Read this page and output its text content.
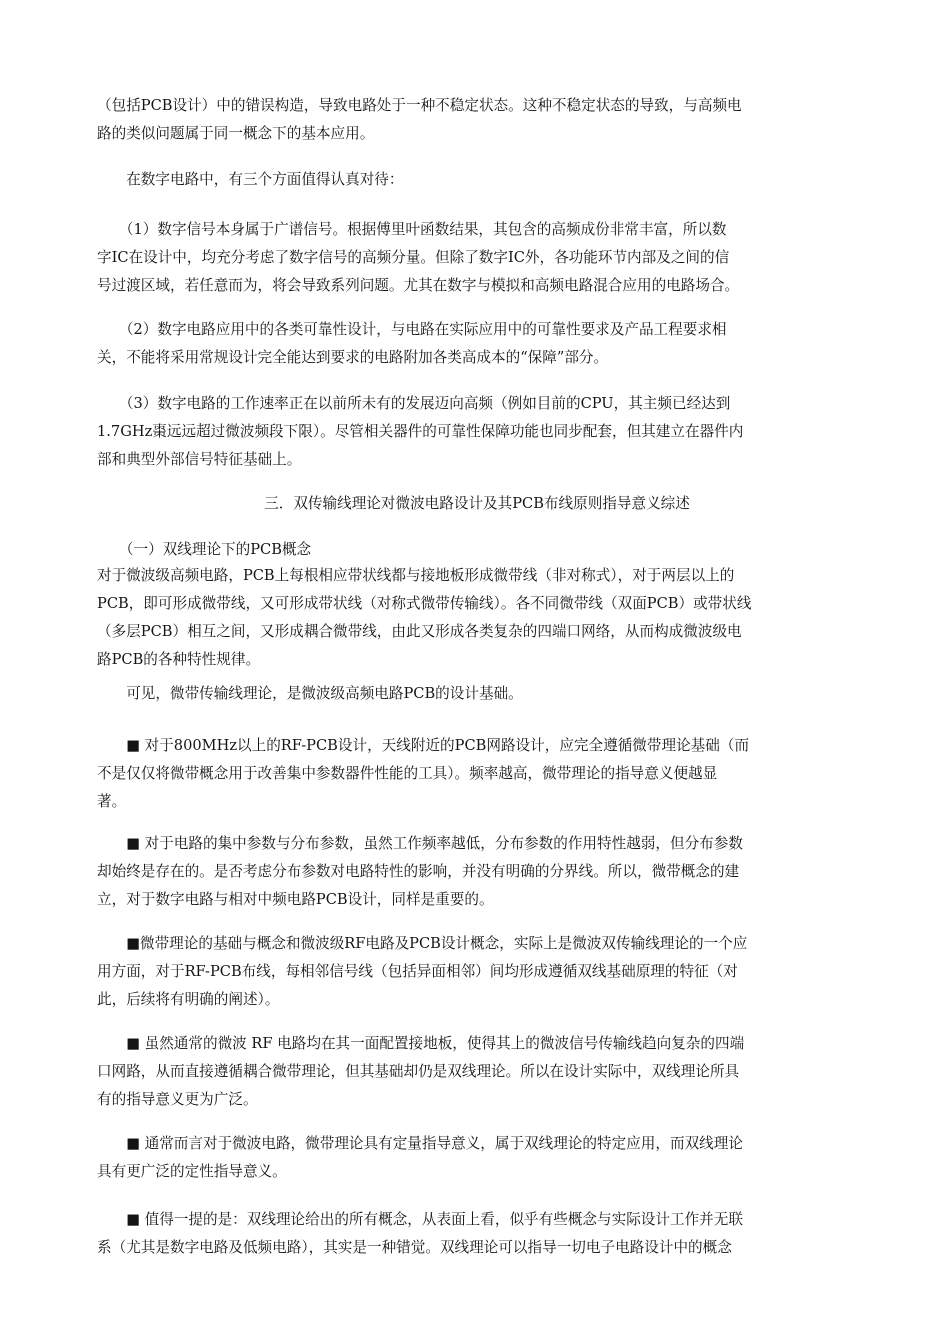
（包括PCB设计）中的错误构造，导致电路处于一种不稳定状态。这种不稳定状态的导致，与高频电
路的类似问题属于同一概念下的基本应用。

　　在数字电路中，有三个方面值得认真对待：

　　（1）数字信号本身属于广谱信号。根据傅里叶函数结果，其包含的高频成份非常丰富，所以数
字IC在设计中，均充分考虑了数字信号的高频分量。但除了数字IC外，各功能环节内部及之间的信
号过渡区域，若任意而为，将会导致系列问题。尤其在数字与模拟和高频电路混合应用的电路场合。

　　（2）数字电路应用中的各类可靠性设计，与电路在实际应用中的可靠性要求及产品工程要求相
关，不能将采用常规设计完全能达到要求的电路附加各类高成本的“保障”部分。

　　（3）数字电路的工作速率正在以前所未有的发展迈向高频（例如目前的CPU，其主频已经达到
1.7GHz棗远远超过微波频段下限）。尽管相关器件的可靠性保障功能也同步配套，但其建立在器件内
部和典型外部信号特征基础上。

三．双传输线理论对微波电路设计及其PCB布线原则指导意义综述

　　（一）双线理论下的PCB概念

对于微波级高频电路，PCB上每根相应带状线都与接地板形成微带线（非对称式），对于两层以上的
PCB，即可形成微带线，又可形成带状线（对称式微带传输线）。各不同微带线（双面PCB）或带状线
（多层PCB）相互之间，又形成耦合微带线，由此又形成各类复杂的四端口网络，从而构成微波级电
路PCB的各种特性规律。

　　可见，微带传输线理论，是微波级高频电路PCB的设计基础。

　　■ 对于800MHz以上的RF-PCB设计，天线附近的PCB网路设计，应完全遵循微带理论基础（而
不是仅仅将微带概念用于改善集中参数器件性能的工具）。频率越高，微带理论的指导意义便越显
著。

　　■ 对于电路的集中参数与分布参数，虽然工作频率越低，分布参数的作用特性越弱，但分布参数
却始终是存在的。是否考虑分布参数对电路特性的影响，并没有明确的分界线。所以，微带概念的建
立，对于数字电路与相对中频电路PCB设计，同样是重要的。

　　■微带理论的基础与概念和微波级RF电路及PCB设计概念，实际上是微波双传输线理论的一个应
用方面，对于RF-PCB布线，每相邻信号线（包括异面相邻）间均形成遵循双线基础原理的特征（对
此，后续将有明确的阐述）。

　　■ 虽然通常的微波 RF 电路均在其一面配置接地板，使得其上的微波信号传输线趋向复杂的四端
口网路，从而直接遵循耦合微带理论，但其基础却仍是双线理论。所以在设计实际中，双线理论所具
有的指导意义更为广泛。

　　■ 通常而言对于微波电路，微带理论具有定量指导意义，属于双线理论的特定应用，而双线理论
具有更广泛的定性指导意义。

　　■ 值得一提的是：双线理论给出的所有概念，从表面上看，似乎有些概念与实际设计工作并无联
系（尤其是数字电路及低频电路），其实是一种错觉。双线理论可以指导一切电子电路设计中的概念
